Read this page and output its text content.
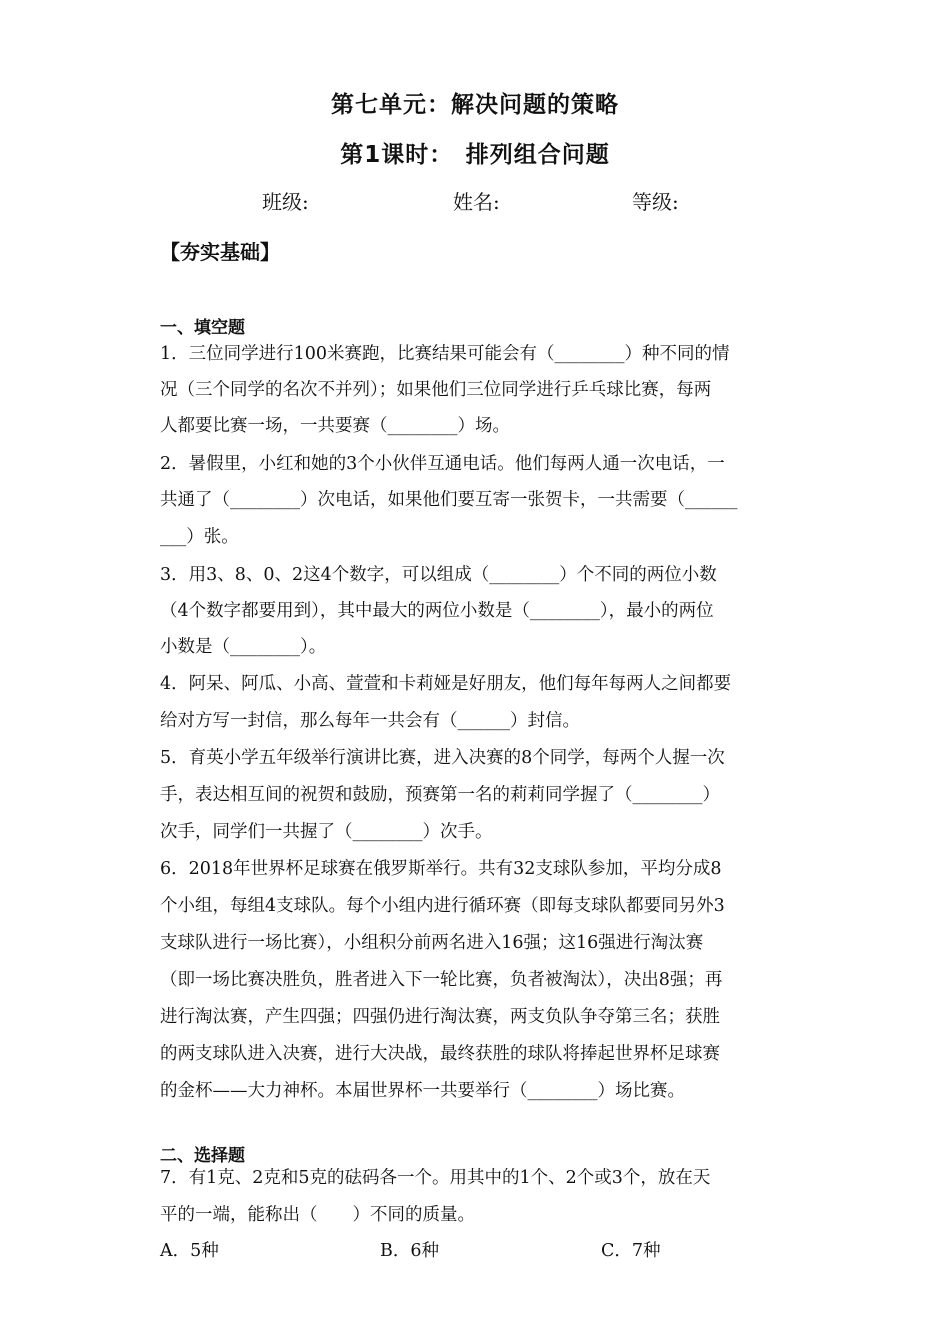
第七单元：解决问题的策略
第1课时：　排列组合问题
班级:	姓名:	等级:
【夯实基础】
一、填空题
1．三位同学进行100米赛跑，比赛结果可能会有（________）种不同的情
况（三个同学的名次不并列）；如果他们三位同学进行乒乓球比赛，每两
人都要比赛一场，一共要赛（________）场。
2．暑假里，小红和她的3个小伙伴互通电话。他们每两人通一次电话，一
共通了（________）次电话，如果他们要互寄一张贺卡，一共需要（______
___）张。
3．用3、8、0、2这4个数字，可以组成（________）个不同的两位小数
（4个数字都要用到），其中最大的两位小数是（________），最小的两位
小数是（________）。
4．阿呆、阿瓜、小高、萱萱和卡莉娅是好朋友，他们每年每两人之间都要
给对方写一封信，那么每年一共会有（______）封信。
5．育英小学五年级举行演讲比赛，进入决赛的8个同学，每两个人握一次
手，表达相互间的祝贺和鼓励，预赛第一名的莉莉同学握了（________）
次手，同学们一共握了（________）次手。
6．2018年世界杯足球赛在俄罗斯举行。共有32支球队参加，平均分成8
个小组，每组4支球队。每个小组内进行循环赛（即每支球队都要同另外3
支球队进行一场比赛），小组积分前两名进入16强；这16强进行淘汰赛
（即一场比赛决胜负，胜者进入下一轮比赛，负者被淘汰），决出8强；再
进行淘汰赛，产生四强；四强仍进行淘汰赛，两支负队争夺第三名；获胜
的两支球队进入决赛，进行大决战，最终获胜的球队将捧起世界杯足球赛
的金杯——大力神杯。本届世界杯一共要举行（________）场比赛。
二、选择题
7．有1克、2克和5克的砝码各一个。用其中的1个、2个或3个，放在天
平的一端，能称出（　　）不同的质量。
A．5种	B．6种	C．7种
